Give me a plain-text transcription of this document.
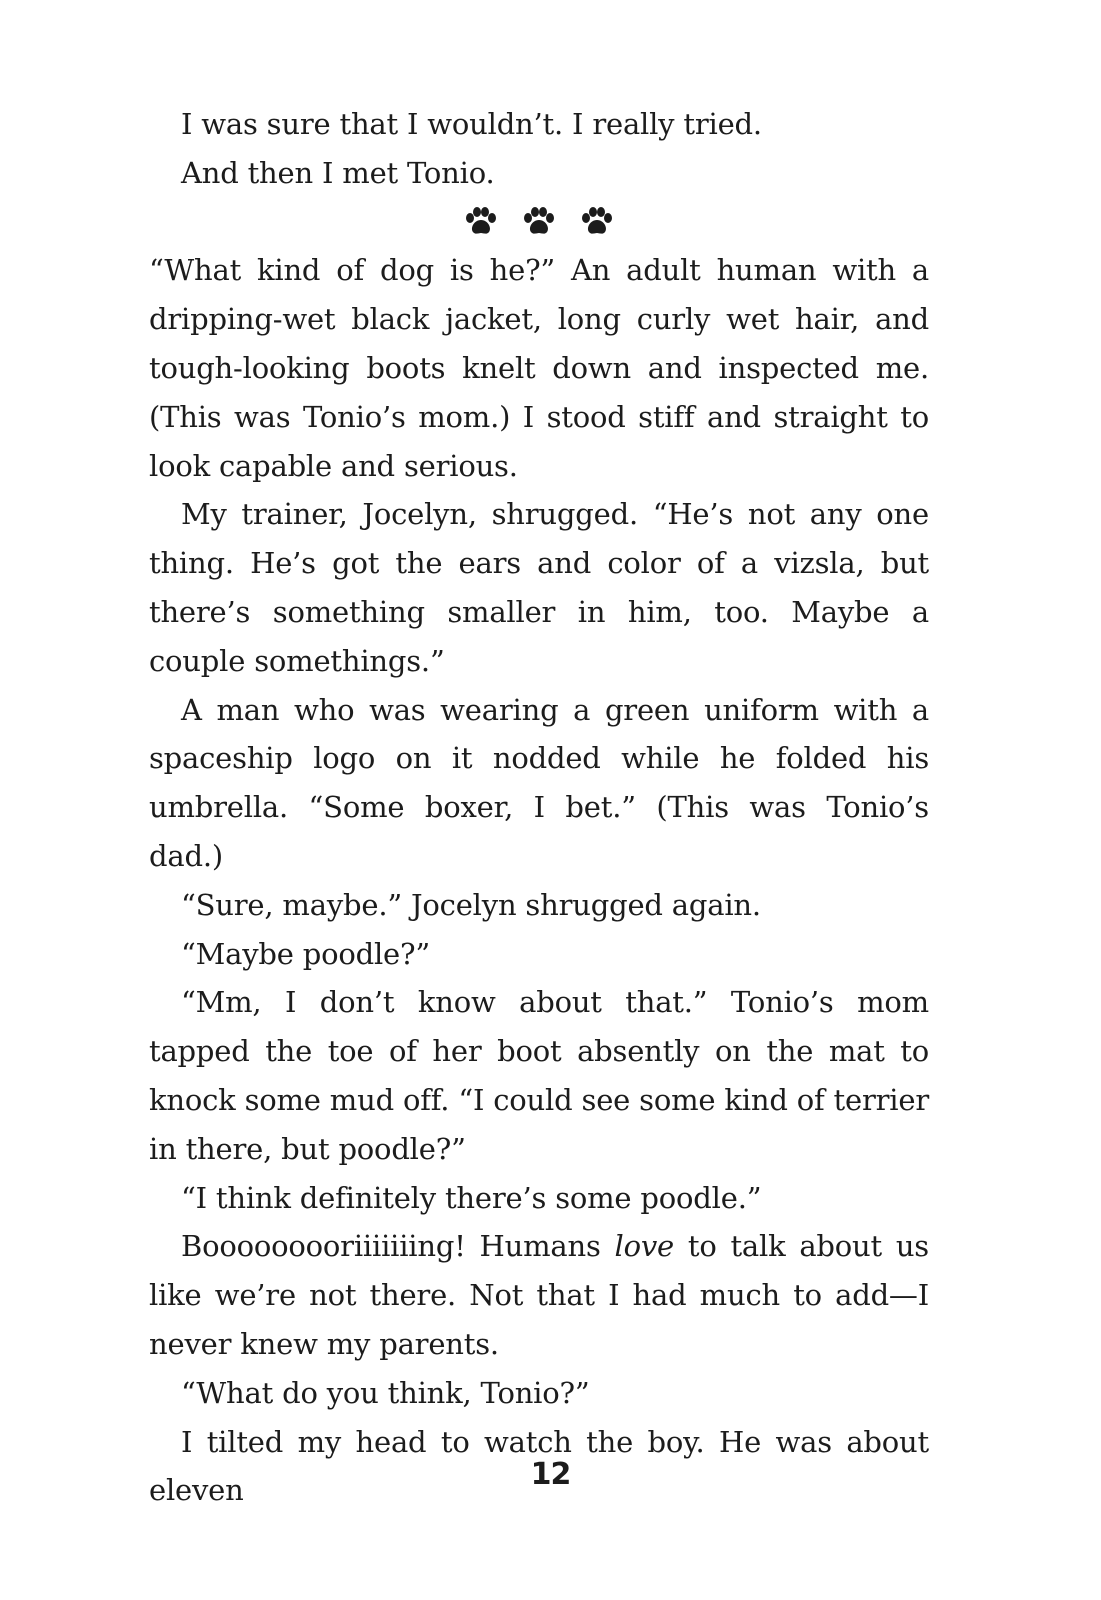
I was sure that I wouldn’t. I really tried.

And then I met Tonio.

“What kind of dog is he?” An adult human with a dripping-wet black jacket, long curly wet hair, and tough-looking boots knelt down and inspected me. (This was Tonio’s mom.) I stood stiff and straight to look capable and serious.

My trainer, Jocelyn, shrugged. “He’s not any one thing. He’s got the ears and color of a vizsla, but there’s something smaller in him, too. Maybe a couple somethings.”

A man who was wearing a green uniform with a spaceship logo on it nodded while he folded his umbrella. “Some boxer, I bet.” (This was Tonio’s dad.)

“Sure, maybe.” Jocelyn shrugged again.

“Maybe poodle?”

“Mm, I don’t know about that.” Tonio’s mom tapped the toe of her boot absently on the mat to knock some mud off. “I could see some kind of terrier in there, but poodle?”

“I think definitely there’s some poodle.”

Booooooooriiiiiiing! Humans love to talk about us like we’re not there. Not that I had much to add—I never knew my parents.

“What do you think, Tonio?”

I tilted my head to watch the boy. He was about eleven	12
